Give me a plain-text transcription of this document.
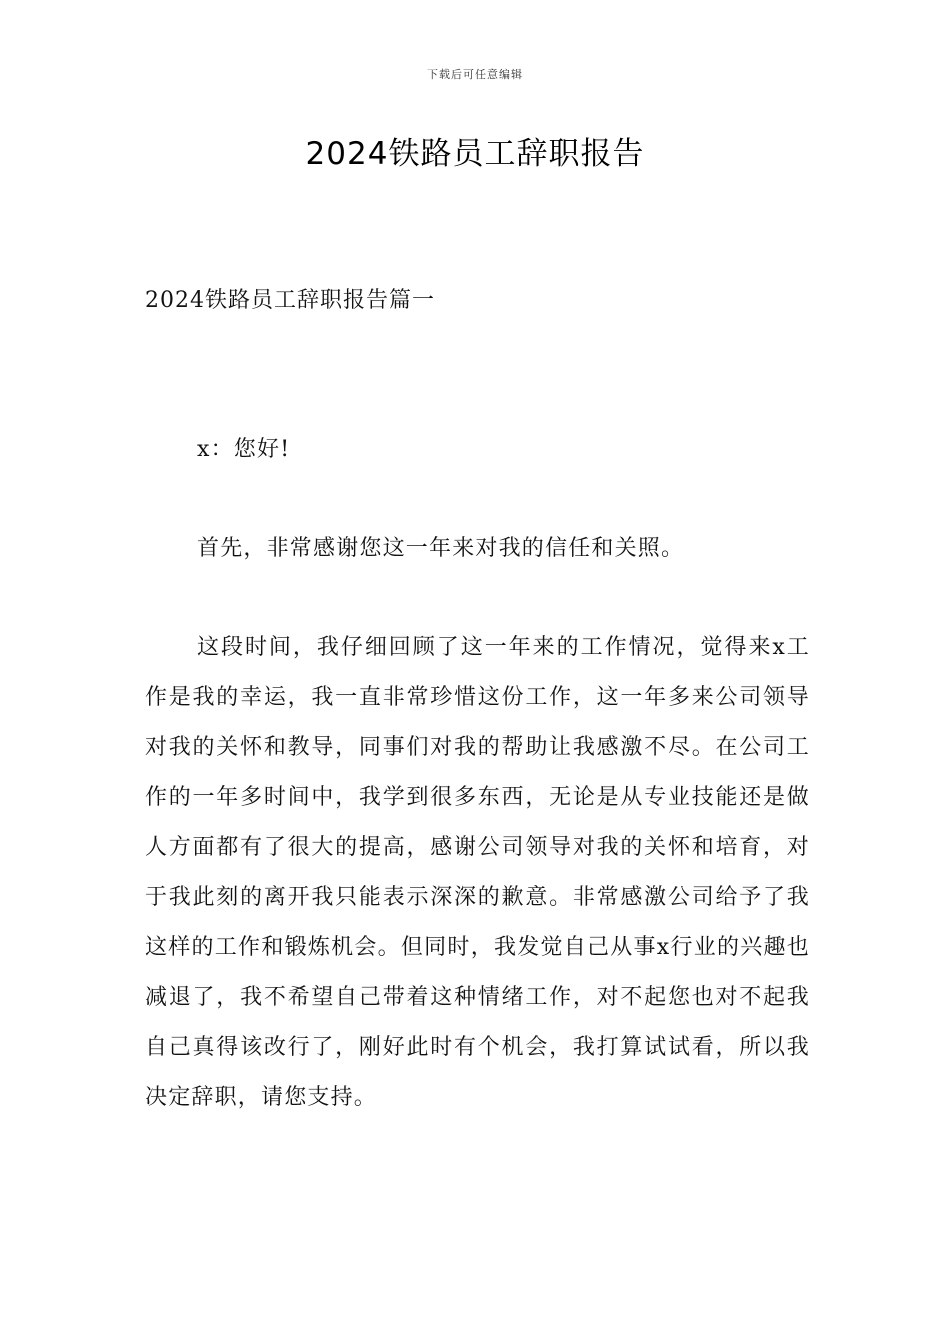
下载后可任意编辑
2024铁路员工辞职报告
2024铁路员工辞职报告篇一

x：您好!

首先，非常感谢您这一年来对我的信任和关照。

这段时间，我仔细回顾了这一年来的工作情况，觉得来x工作是我的幸运，我一直非常珍惜这份工作，这一年多来公司领导对我的关怀和教导，同事们对我的帮助让我感激不尽。在公司工作的一年多时间中，我学到很多东西，无论是从专业技能还是做人方面都有了很大的提高，感谢公司领导对我的关怀和培育，对于我此刻的离开我只能表示深深的歉意。非常感激公司给予了我这样的工作和锻炼机会。但同时，我发觉自己从事x行业的兴趣也减退了，我不希望自己带着这种情绪工作，对不起您也对不起我自己真得该改行了，刚好此时有个机会，我打算试试看，所以我决定辞职，请您支持。
